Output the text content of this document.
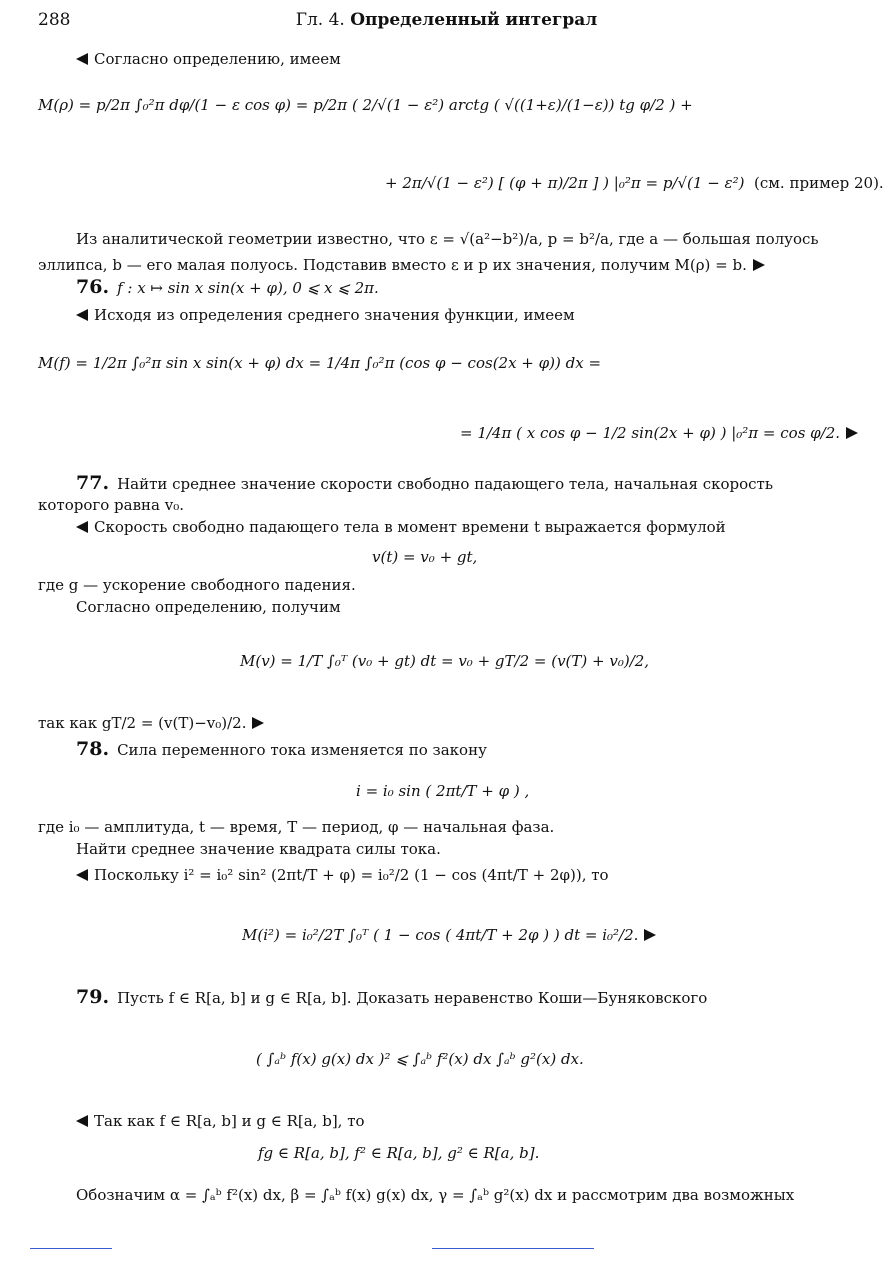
288	Гл. 4. Определенный интеграл
Согласно определению, имеем
M(ρ) = p/2π ∫₀²π dφ/(1 − ε cos φ) = p/2π ( 2/√(1 − ε²) arctg ( √((1+ε)/(1−ε)) tg φ/2 ) +
+ 2π/√(1 − ε²) [ (φ + π)/2π ] ) |₀²π = p/√(1 − ε²) (см. пример 20).
Из аналитической геометрии известно, что ε = √(a²−b²)/a, p = b²/a, где a — большая полуось
эллипса, b — его малая полуось. Подставив вместо ε и p их значения, получим M(ρ) = b.
76. f : x ↦ sin x sin(x + φ), 0 ⩽ x ⩽ 2π.
Исходя из определения среднего значения функции, имеем
M(f) = 1/2π ∫₀²π sin x sin(x + φ) dx = 1/4π ∫₀²π (cos φ − cos(2x + φ)) dx =
= 1/4π ( x cos φ − 1/2 sin(2x + φ) ) |₀²π = cos φ/2.
77. Найти среднее значение скорости свободно падающего тела, начальная скорость
которого равна v₀.
Скорость свободно падающего тела в момент времени t выражается формулой
v(t) = v₀ + gt,
где g — ускорение свободного падения.
Согласно определению, получим
M(v) = 1/T ∫₀ᵀ (v₀ + gt) dt = v₀ + gT/2 = (v(T) + v₀)/2,
так как gT/2 = (v(T)−v₀)/2.
78. Сила переменного тока изменяется по закону
i = i₀ sin ( 2πt/T + φ ) ,
где i₀ — амплитуда, t — время, T — период, φ — начальная фаза.
Найти среднее значение квадрата силы тока.
Поскольку i² = i₀² sin² (2πt/T + φ) = i₀²/2 (1 − cos (4πt/T + 2φ)), то
M(i²) = i₀²/2T ∫₀ᵀ ( 1 − cos ( 4πt/T + 2φ ) ) dt = i₀²/2.
79. Пусть f ∈ R[a, b] и g ∈ R[a, b]. Доказать неравенство Коши—Буняковского
( ∫ₐᵇ f(x) g(x) dx )² ⩽ ∫ₐᵇ f²(x) dx ∫ₐᵇ g²(x) dx.
Так как f ∈ R[a, b] и g ∈ R[a, b], то
fg ∈ R[a, b], f² ∈ R[a, b], g² ∈ R[a, b].
Обозначим α = ∫ₐᵇ f²(x) dx, β = ∫ₐᵇ f(x) g(x) dx, γ = ∫ₐᵇ g²(x) dx и рассмотрим два возможных
